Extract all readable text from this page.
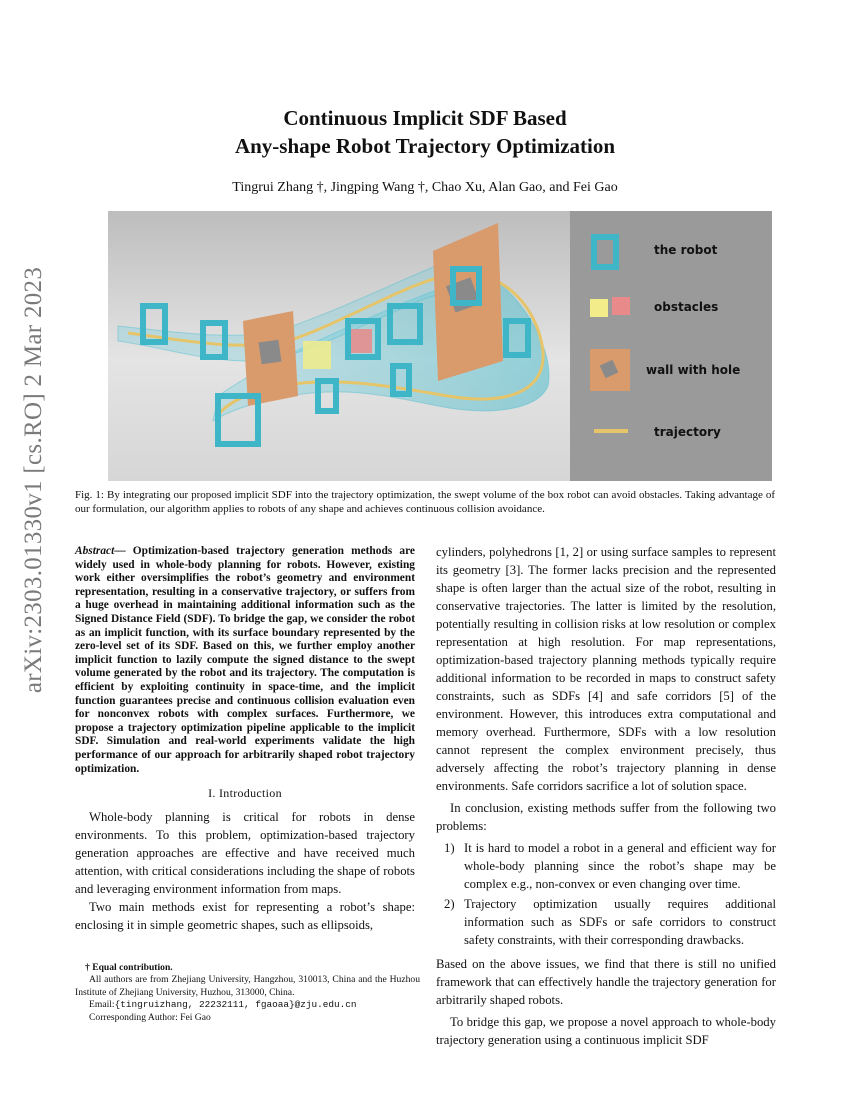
arXiv:2303.01330v1 [cs.RO] 2 Mar 2023
Continuous Implicit SDF Based
Any-shape Robot Trajectory Optimization
Tingrui Zhang †, Jingping Wang †, Chao Xu, Alan Gao, and Fei Gao
the robot
obstacles
wall with hole
trajectory
Fig. 1: By integrating our proposed implicit SDF into the trajectory optimization, the swept volume of the box robot can avoid obstacles. Taking advantage of our formulation, our algorithm applies to robots of any shape and achieves continuous collision avoidance.

Abstract— Optimization-based trajectory generation methods are widely used in whole-body planning for robots. However, existing work either oversimplifies the robot’s geometry and environment representation, resulting in a conservative trajectory, or suffers from a huge overhead in maintaining additional information such as the Signed Distance Field (SDF). To bridge the gap, we consider the robot as an implicit function, with its surface boundary represented by the zero-level set of its SDF. Based on this, we further employ another implicit function to lazily compute the signed distance to the swept volume generated by the robot and its trajectory. The computation is efficient by exploiting continuity in space-time, and the implicit function guarantees precise and continuous collision evaluation even for nonconvex robots with complex surfaces. Furthermore, we propose a trajectory optimization pipeline applicable to the implicit SDF. Simulation and real-world experiments validate the high performance of our approach for arbitrarily shaped robot trajectory optimization.

I. Introduction

Whole-body planning is critical for robots in dense environments. To this problem, optimization-based trajectory generation approaches are effective and have received much attention, with critical considerations including the shape of robots and leveraging environment information from maps.

Two main methods exist for representing a robot’s shape: enclosing it in simple geometric shapes, such as ellipsoids,

† Equal contribution.
All authors are from Zhejiang University, Hangzhou, 310013, China and the Huzhou Institute of Zhejiang University, Huzhou, 313000, China.
Email:{tingruizhang, 22232111, fgaoaa}@zju.edu.cn
Corresponding Author: Fei Gao

cylinders, polyhedrons [1, 2] or using surface samples to represent its geometry [3]. The former lacks precision and the represented shape is often larger than the actual size of the robot, resulting in conservative trajectories. The latter is limited by the resolution, potentially resulting in collision risks at low resolution or complex representation at high resolution. For map representations, optimization-based trajectory planning methods typically require additional information to be recorded in maps to construct safety constraints, such as SDFs [4] and safe corridors [5] of the environment. However, this introduces extra computational and memory overhead. Furthermore, SDFs with a low resolution cannot represent the complex environment precisely, thus adversely affecting the robot’s trajectory planning in dense environments. Safe corridors sacrifice a lot of solution space.

In conclusion, existing methods suffer from the following two problems:

1) It is hard to model a robot in a general and efficient way for whole-body planning since the robot’s shape may be complex e.g., non-convex or even changing over time.
2) Trajectory optimization usually requires additional information such as SDFs or safe corridors to construct safety constraints, with their corresponding drawbacks.

Based on the above issues, we find that there is still no unified framework that can effectively handle the trajectory generation for arbitrarily shaped robots.

To bridge this gap, we propose a novel approach to whole-body trajectory generation using a continuous implicit SDF
